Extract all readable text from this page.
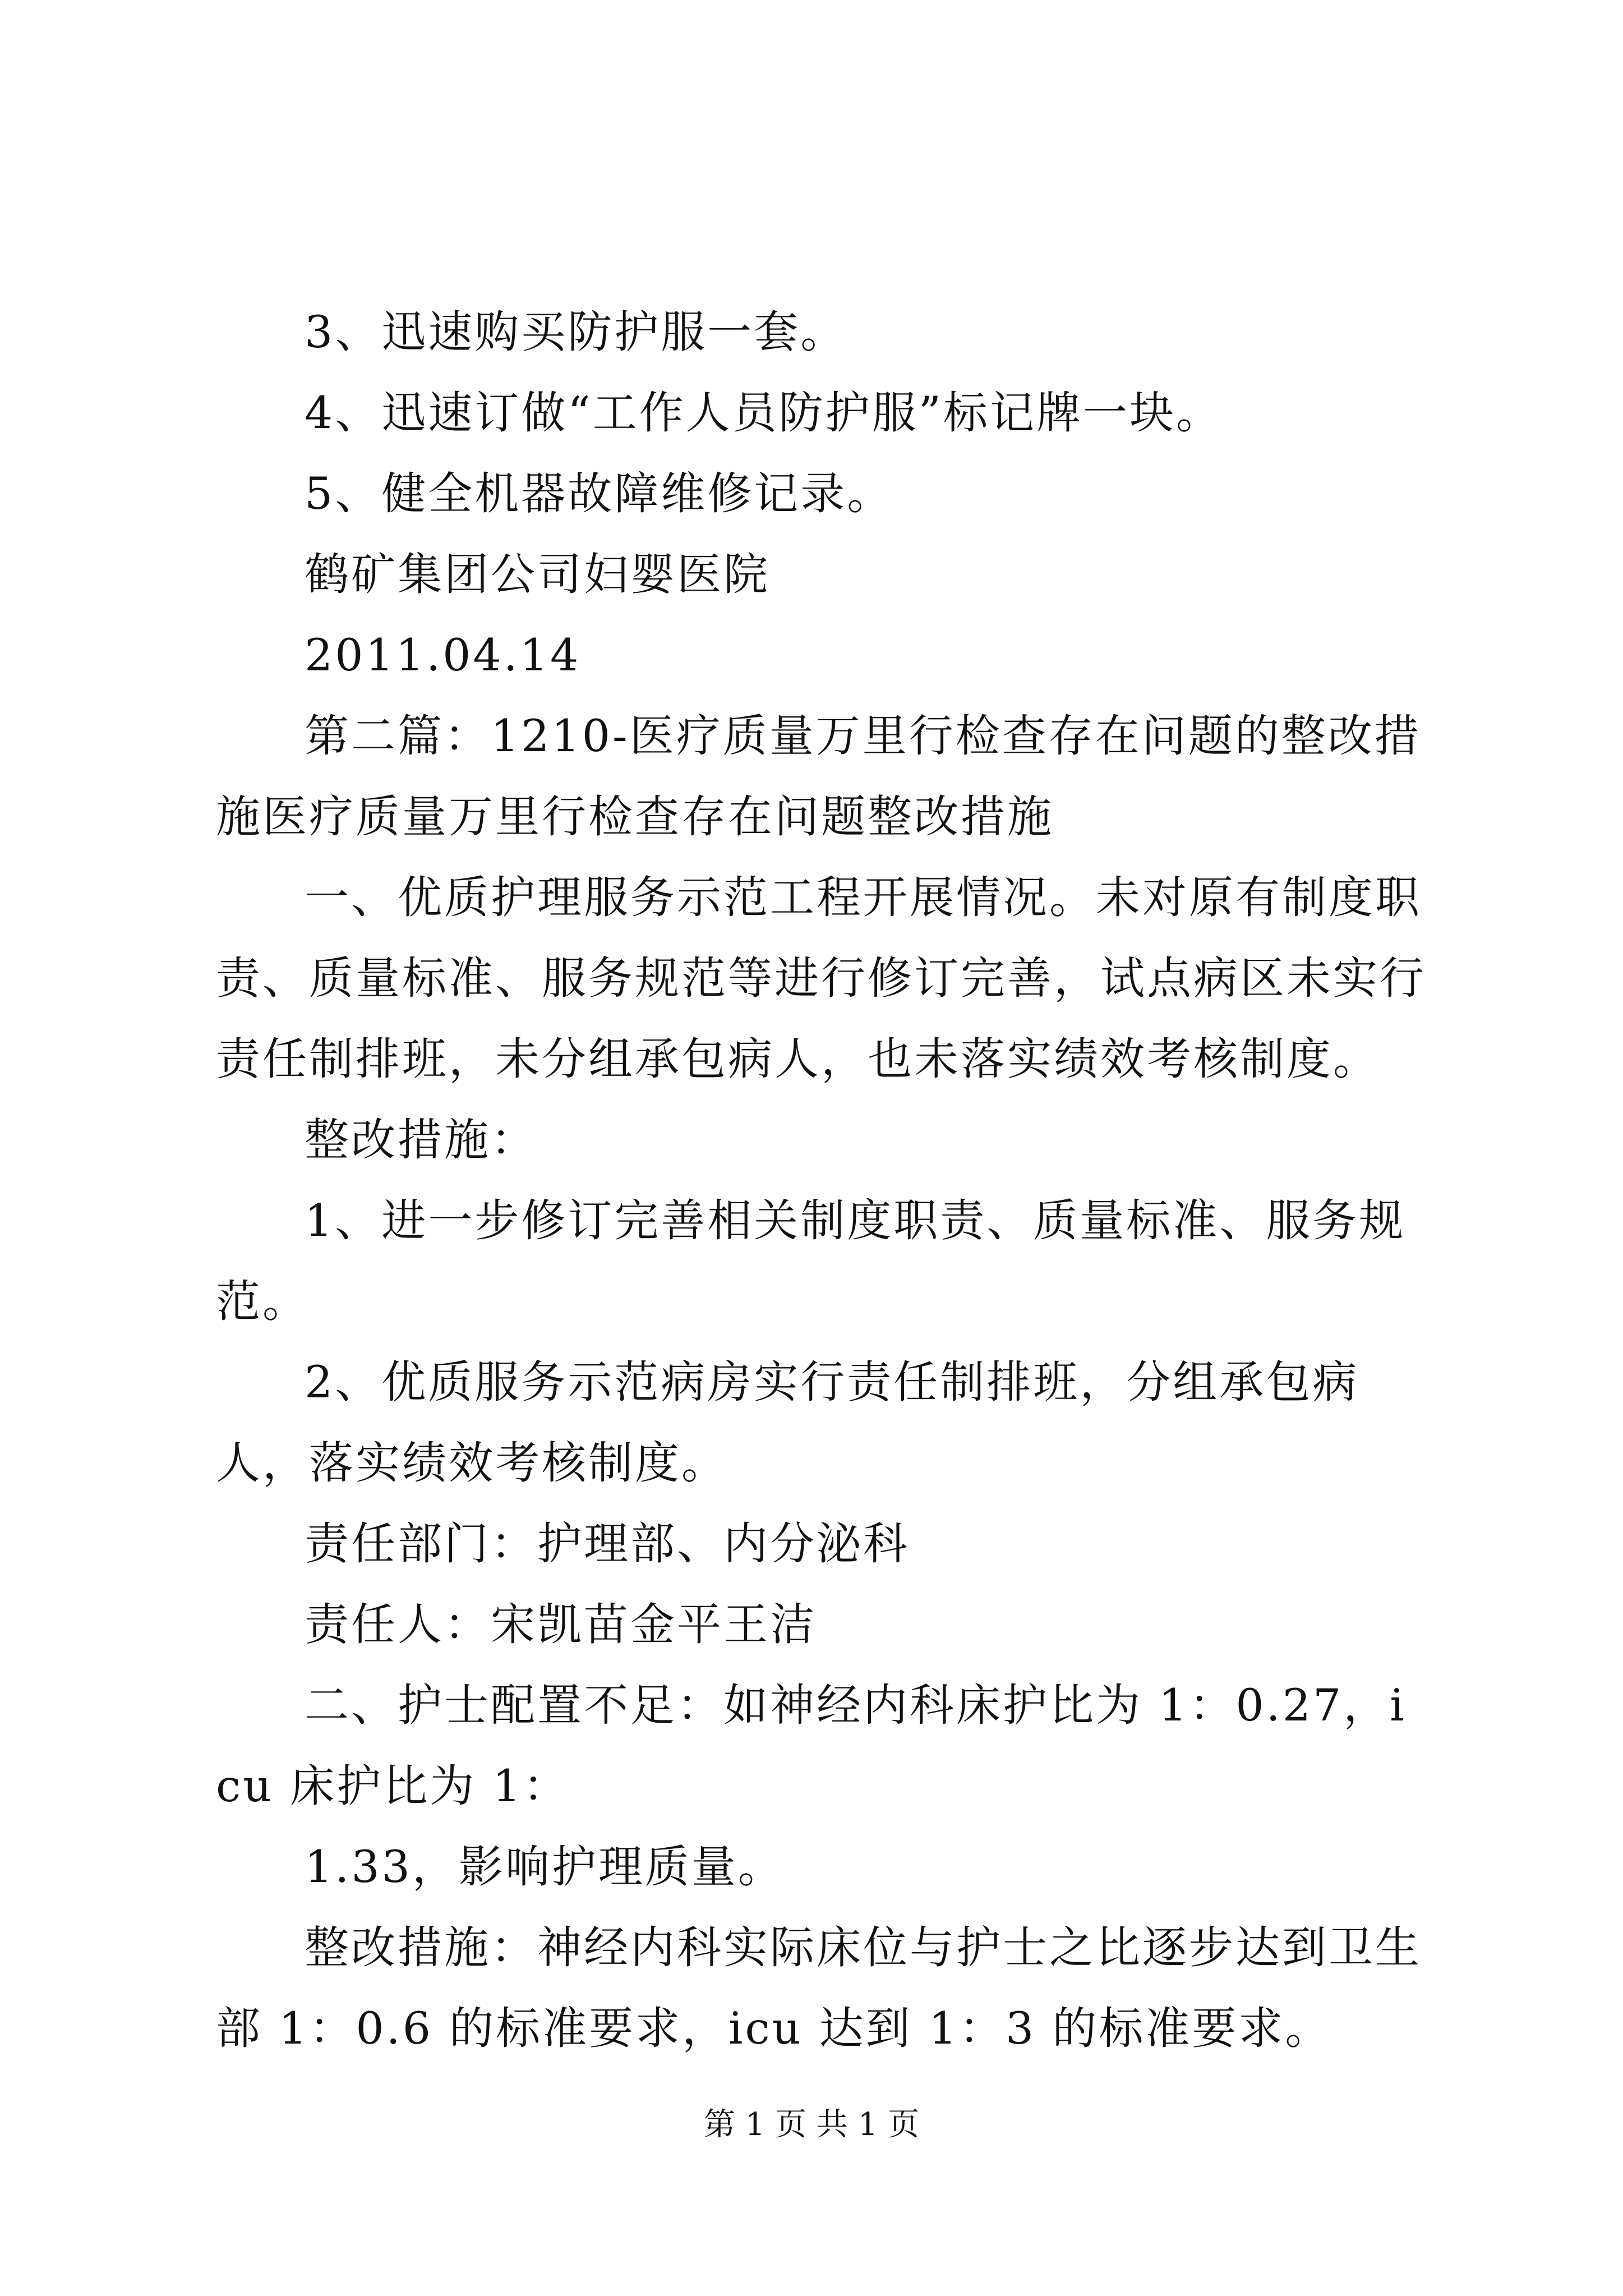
3、迅速购买防护服一套。

4、迅速订做“工作人员防护服”标记牌一块。

5、健全机器故障维修记录。

鹤矿集团公司妇婴医院

2011.04.14

第二篇：1210-医疗质量万里行检查存在问题的整改措施医疗质量万里行检查存在问题整改措施

一、优质护理服务示范工程开展情况。未对原有制度职责、质量标准、服务规范等进行修订完善，试点病区未实行责任制排班，未分组承包病人，也未落实绩效考核制度。

整改措施：

1、进一步修订完善相关制度职责、质量标准、服务规范。

2、优质服务示范病房实行责任制排班，分组承包病人，落实绩效考核制度。

责任部门：护理部、内分泌科

责任人：宋凯苗金平王洁

二、护士配置不足：如神经内科床护比为 1：0.27，icu 床护比为 1：

1.33，影响护理质量。

整改措施：神经内科实际床位与护士之比逐步达到卫生部 1：0.6 的标准要求，icu 达到 1：3 的标准要求。

第 1 页 共 1 页
